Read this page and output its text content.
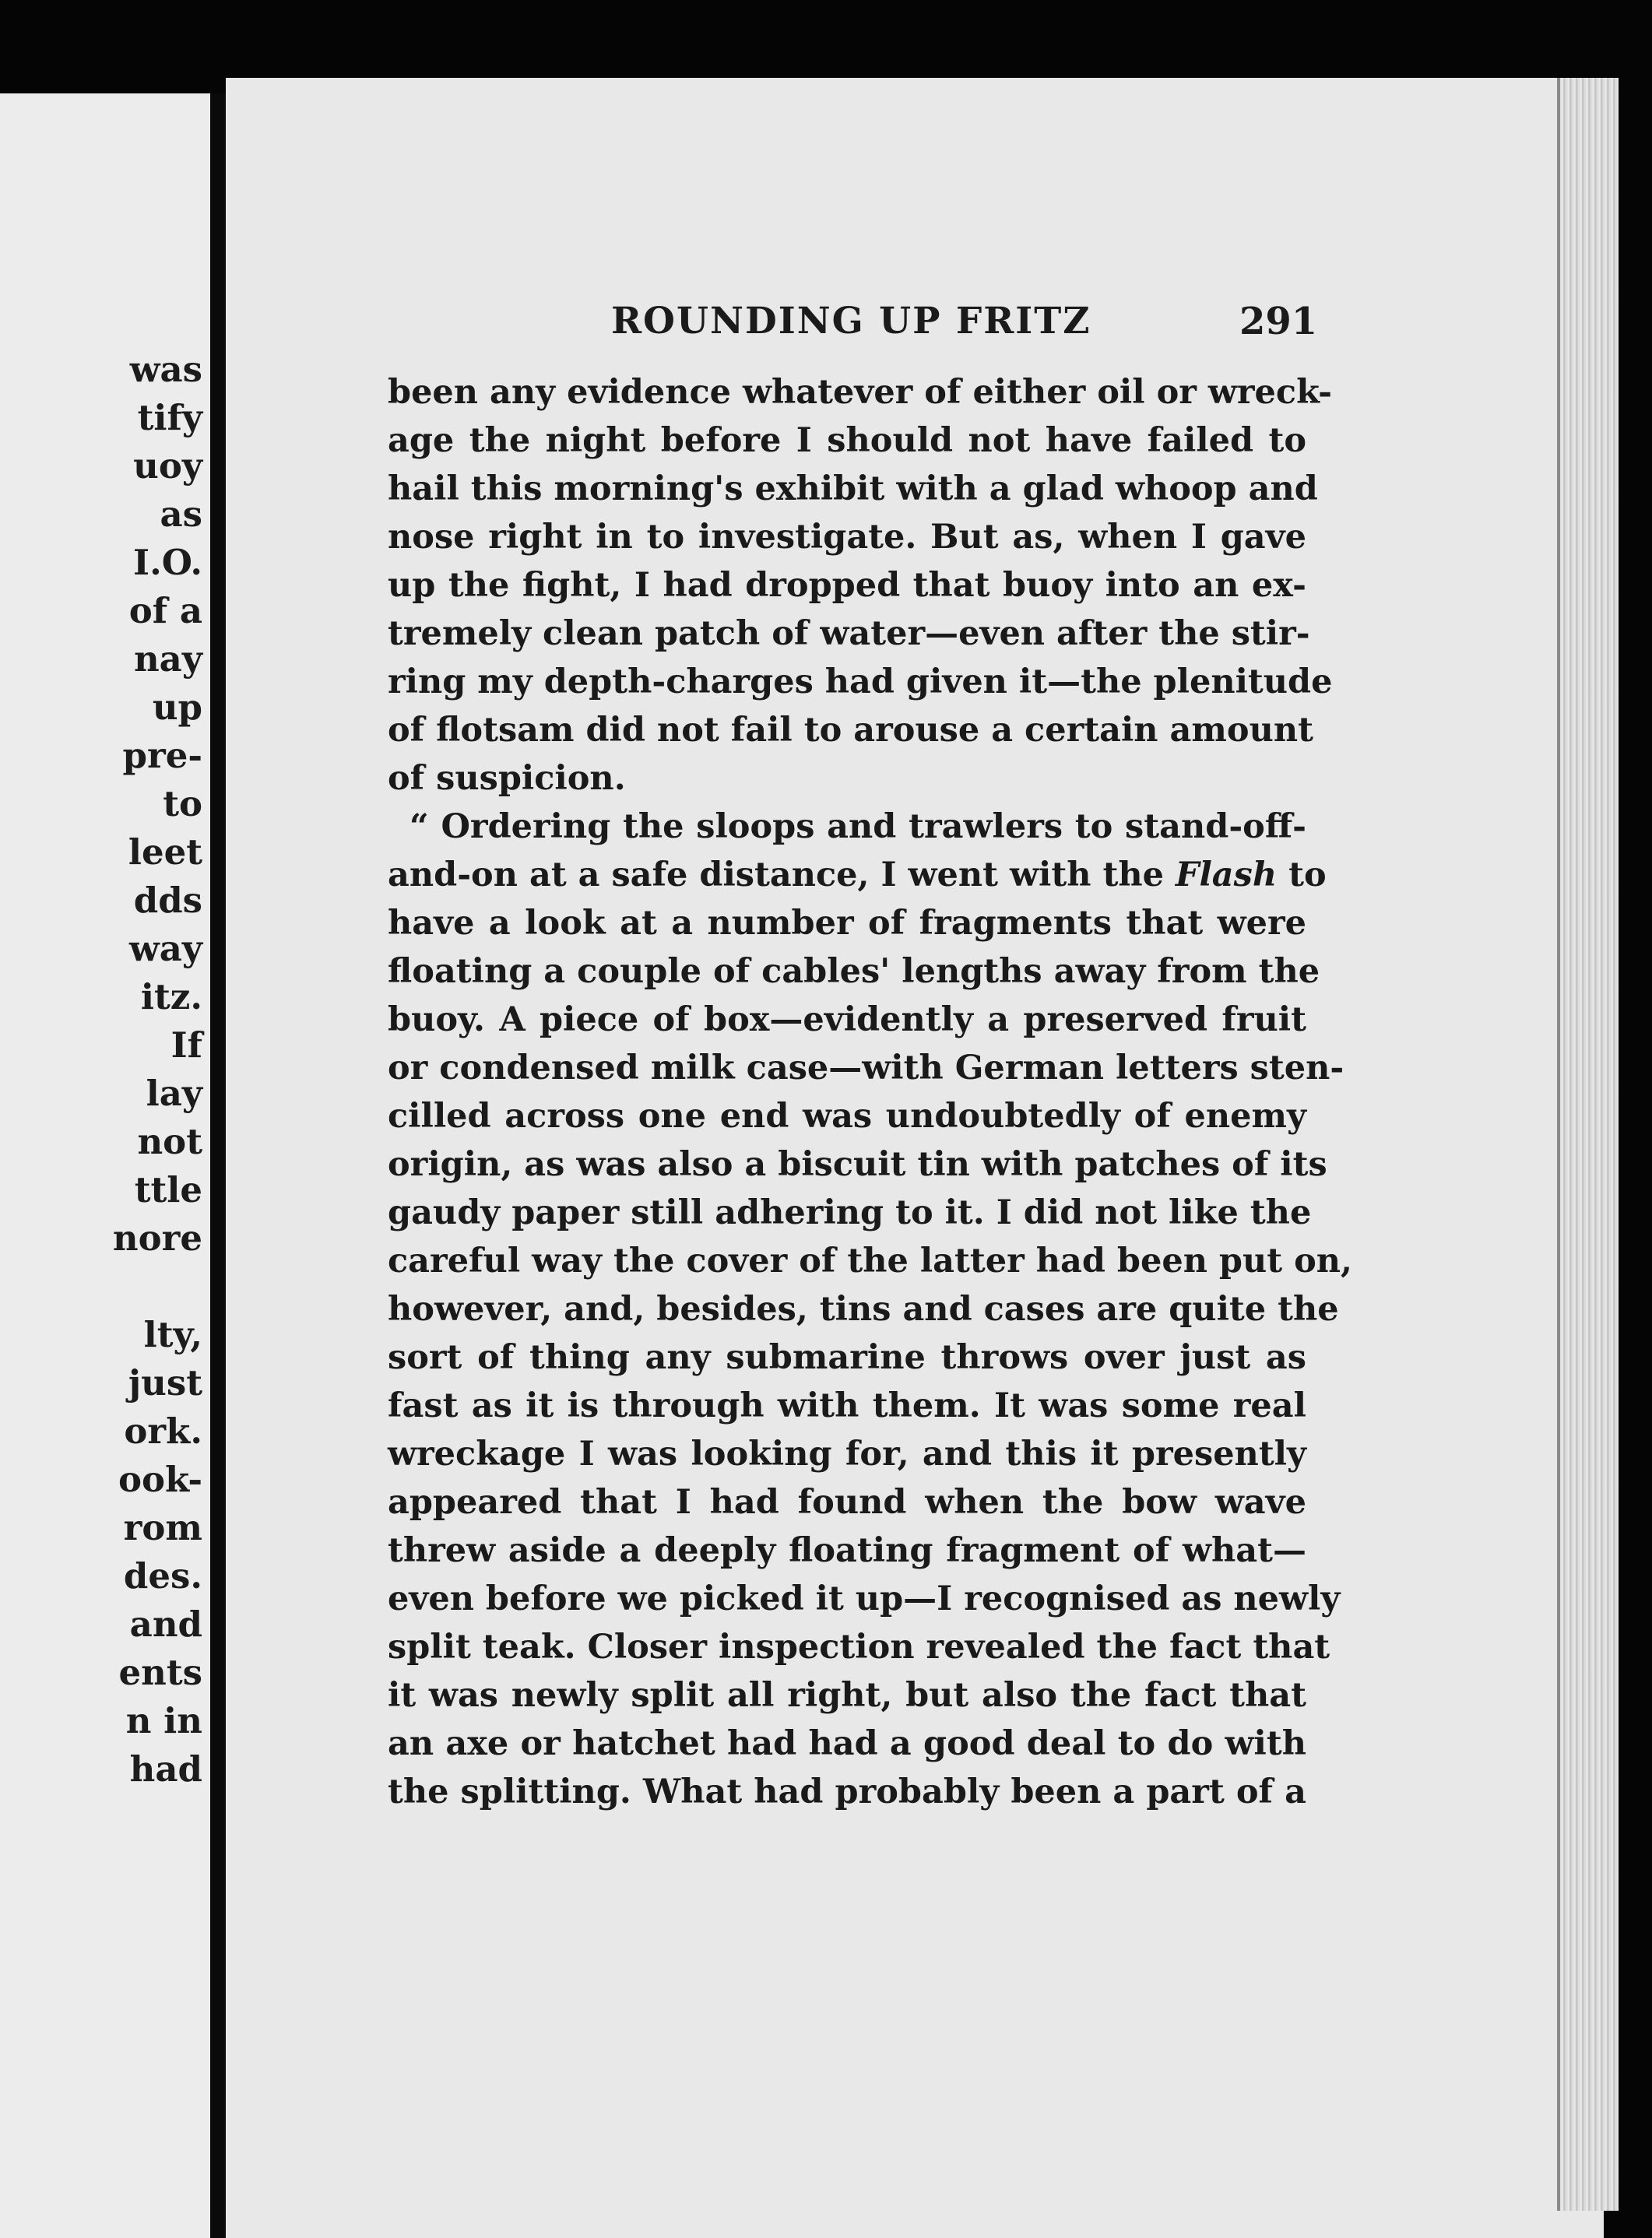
was
tify
uoy
as
I.O.
of a
nay
up
pre-
to
leet
dds
way
itz.
If
lay
not
ttle
nore
lty,
just
ork.
ook-
rom
des.
and
ents
n in
had
ROUNDING UP FRITZ	291
been any evidence whatever of either oil or wreck-
age the night before I should not have failed to
hail this morning's exhibit with a glad whoop and
nose right in to investigate. But as, when I gave
up the fight, I had dropped that buoy into an ex-
tremely clean patch of water—even after the stir-
ring my depth-charges had given it—the plenitude
of flotsam did not fail to arouse a certain amount
of suspicion.
“ Ordering the sloops and trawlers to stand-off-
and-on at a safe distance, I went with the Flash to
have a look at a number of fragments that were
floating a couple of cables' lengths away from the
buoy. A piece of box—evidently a preserved fruit
or condensed milk case—with German letters sten-
cilled across one end was undoubtedly of enemy
origin, as was also a biscuit tin with patches of its
gaudy paper still adhering to it. I did not like the
careful way the cover of the latter had been put on,
however, and, besides, tins and cases are quite the
sort of thing any submarine throws over just as
fast as it is through with them. It was some real
wreckage I was looking for, and this it presently
appeared that I had found when the bow wave
threw aside a deeply floating fragment of what—
even before we picked it up—I recognised as newly
split teak. Closer inspection revealed the fact that
it was newly split all right, but also the fact that
an axe or hatchet had had a good deal to do with
the splitting. What had probably been a part of a
